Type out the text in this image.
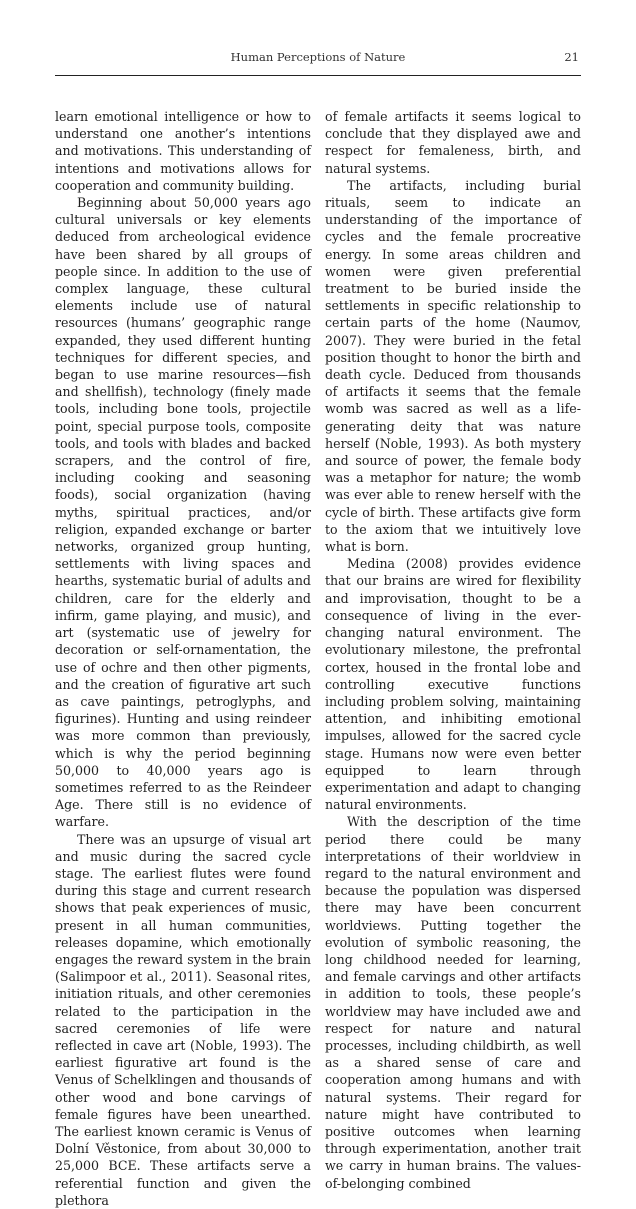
Human Perceptions of Nature	21

learn emotional intelligence or how to understand one another’s intentions and motivations. This understanding of intentions and motivations allows for cooperation and community building.

Beginning about 50,000 years ago cultural universals or key elements deduced from archeological evidence have been shared by all groups of people since. In addition to the use of complex language, these cultural elements include use of natural resources (humans’ geographic range expanded, they used different hunting techniques for different species, and began to use marine resources—fish and shellfish), technology (finely made tools, including bone tools, projectile point, special purpose tools, composite tools, and tools with blades and backed scrapers, and the control of fire, including cooking and seasoning foods), social organization (having myths, spiritual practices, and/or religion, expanded exchange or barter networks, organized group hunting, settlements with living spaces and hearths, systematic burial of adults and children, care for the elderly and infirm, game playing, and music), and art (systematic use of jewelry for decoration or self-ornamentation, the use of ochre and then other pigments, and the creation of figurative art such as cave paintings, petroglyphs, and figurines). Hunting and using reindeer was more common than previously, which is why the period beginning 50,000 to 40,000 years ago is sometimes referred to as the Reindeer Age. There still is no evidence of warfare.

There was an upsurge of visual art and music during the sacred cycle stage. The earliest flutes were found during this stage and current research shows that peak experiences of music, present in all human communities, releases dopamine, which emotionally engages the reward system in the brain (Salimpoor et al., 2011). Seasonal rites, initiation rituals, and other ceremonies related to the participation in the sacred ceremonies of life were reflected in cave art (Noble, 1993). The earliest figurative art found is the Venus of Schelklingen and thousands of other wood and bone carvings of female figures have been unearthed. The earliest known ceramic is Venus of Dolní Věstonice, from about 30,000 to 25,000 BCE. These artifacts serve a referential function and given the plethora

of female artifacts it seems logical to conclude that they displayed awe and respect for femaleness, birth, and natural systems.

The artifacts, including burial rituals, seem to indicate an understanding of the importance of cycles and the female procreative energy. In some areas children and women were given preferential treatment to be buried inside the settlements in specific relationship to certain parts of the home (Naumov, 2007). They were buried in the fetal position thought to honor the birth and death cycle. Deduced from thousands of artifacts it seems that the female womb was sacred as well as a life-generating deity that was nature herself (Noble, 1993). As both mystery and source of power, the female body was a metaphor for nature; the womb was ever able to renew herself with the cycle of birth. These artifacts give form to the axiom that we intuitively love what is born.

Medina (2008) provides evidence that our brains are wired for flexibility and improvisation, thought to be a consequence of living in the ever-changing natural environment. The evolutionary milestone, the prefrontal cortex, housed in the frontal lobe and controlling executive functions including problem solving, maintaining attention, and inhibiting emotional impulses, allowed for the sacred cycle stage. Humans now were even better equipped to learn through experimentation and adapt to changing natural environments.

With the description of the time period there could be many interpretations of their worldview in regard to the natural environment and because the population was dispersed there may have been concurrent worldviews. Putting together the evolution of symbolic reasoning, the long childhood needed for learning, and female carvings and other artifacts in addition to tools, these people’s worldview may have included awe and respect for nature and natural processes, including childbirth, as well as a shared sense of care and cooperation among humans and with natural systems. Their regard for nature might have contributed to positive outcomes when learning through experimentation, another trait we carry in human brains. The values-of-belonging combined
